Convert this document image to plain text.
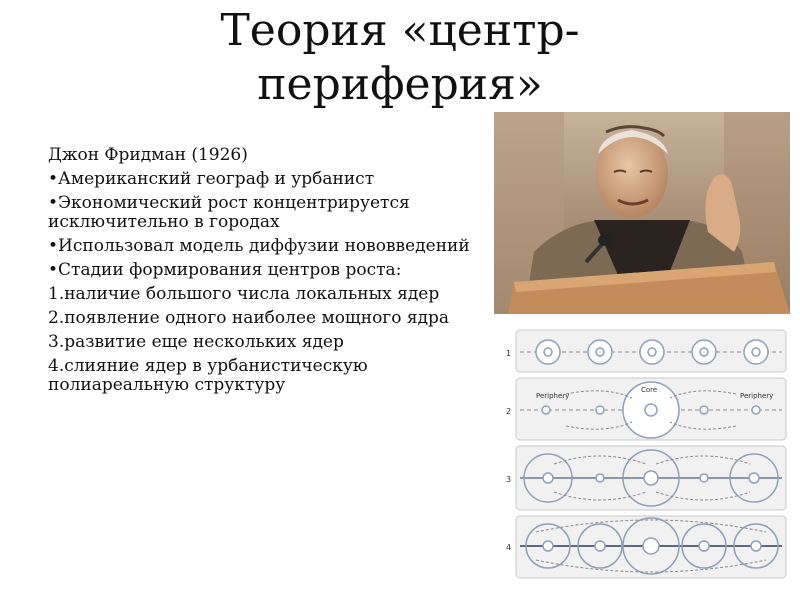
Теория «центр-
периферия»

Джон Фридман (1926)

•Американский географ и урбанист

•Экономический рост концентрируется исключительно в городах

•Использовал модель диффузии нововведений

•Стадии формирования центров роста:

1.наличие большого числа локальных ядер

2.появление одного наиболее мощного ядра

3.развитие еще нескольких ядер

4.слияние ядер в урбанистическую полиареальную структуру

1
2
Periphery
Core
Periphery
3
4
